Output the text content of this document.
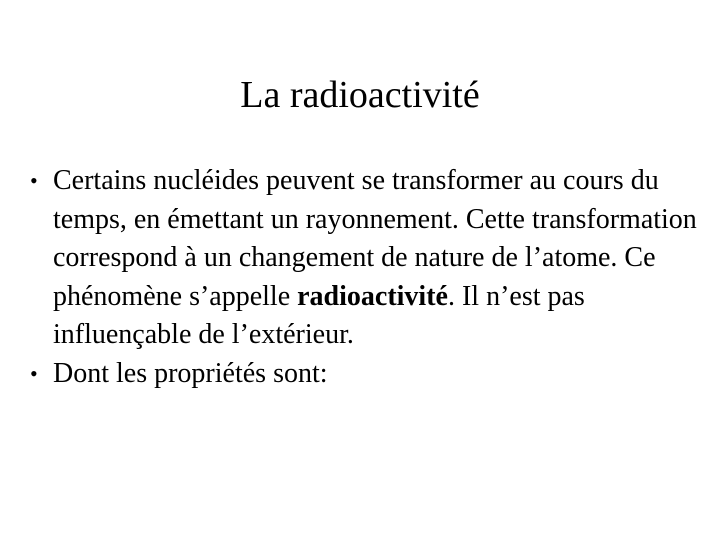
La radioactivité
• Certains nucléides peuvent se transformer au cours du temps, en émettant un rayonnement. Cette transformation correspond à un changement de nature de l’atome. Ce phénomène s’appelle radioactivité. Il n’est pas influençable de l’extérieur.
• Dont les propriétés sont:
